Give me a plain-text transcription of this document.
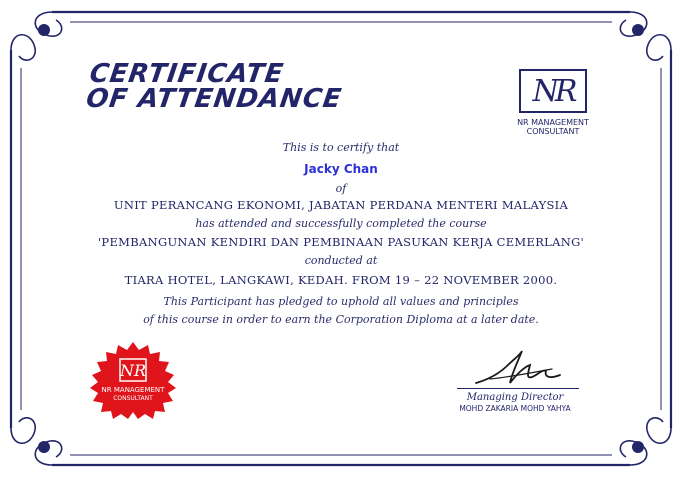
CERTIFICATE
OF ATTENDANCE	NR
NR MANAGEMENT
CONSULTANT
This is to certify that
Jacky Chan
of
UNIT PERANCANG EKONOMI, JABATAN PERDANA MENTERI MALAYSIA
has attended and successfully completed the course
'PEMBANGUNAN KENDIRI DAN PEMBINAAN PASUKAN KERJA CEMERLANG'
conducted at
TIARA HOTEL, LANGKAWI, KEDAH. FROM 19 – 22 NOVEMBER 2000.
This Participant has pledged to uphold all values and principles
of this course in order to earn the Corporation Diploma at a later date.
NR
NR MANAGEMENT
CONSULTANT	Managing Director
MOHD ZAKARIA MOHD YAHYA
